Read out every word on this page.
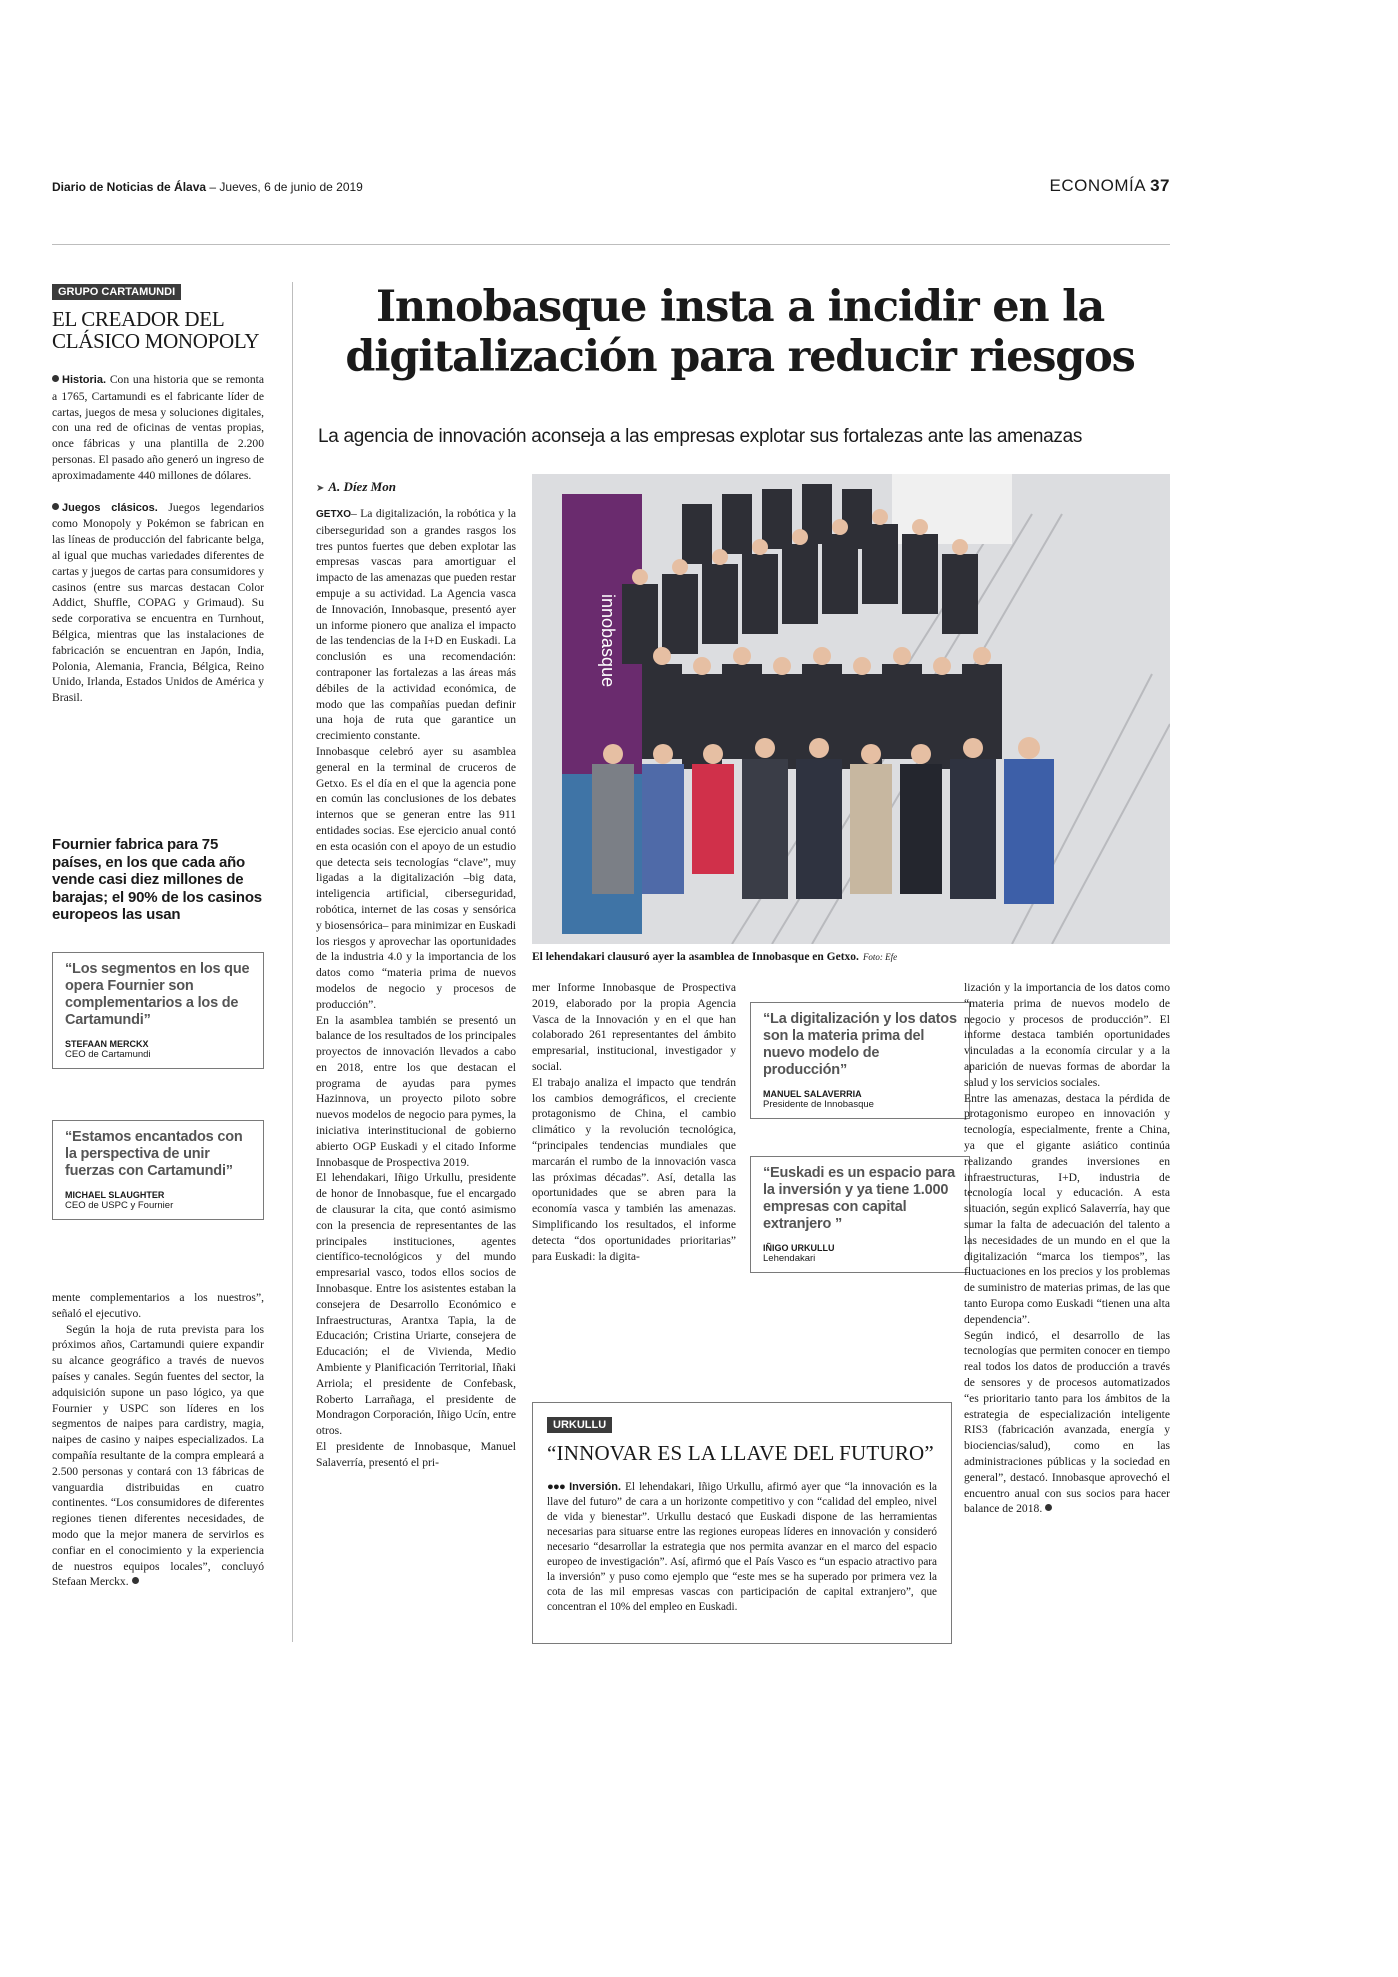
Diario de Noticias de Álava – Jueves, 6 de junio de 2019	ECONOMÍA 37
GRUPO CARTAMUNDI
EL CREADOR DEL CLÁSICO MONOPOLY

Historia. Con una historia que se remonta a 1765, Cartamundi es el fabricante líder de cartas, juegos de mesa y soluciones digitales, con una red de oficinas de ventas propias, once fábricas y una plantilla de 2.200 personas. El pasado año generó un ingreso de aproximadamente 440 millones de dólares.

Juegos clásicos. Juegos legendarios como Monopoly y Pokémon se fabrican en las líneas de producción del fabricante belga, al igual que muchas variedades diferentes de cartas y juegos de cartas para consumidores y casinos (entre sus marcas destacan Color Addict, Shuffle, COPAG y Grimaud). Su sede corporativa se encuentra en Turnhout, Bélgica, mientras que las instalaciones de fabricación se encuentran en Japón, India, Polonia, Alemania, Francia, Bélgica, Reino Unido, Irlanda, Estados Unidos de América y Brasil.

Fournier fabrica para 75 países, en los que cada año vende casi diez millones de barajas; el 90% de los casinos europeos las usan
“Los segmentos en los que opera Fournier son complementarios a los de Cartamundi”
STEFAAN MERCKX
CEO de Cartamundi
“Estamos encantados con la perspectiva de unir fuerzas con Cartamundi”
MICHAEL SLAUGHTER
CEO de USPC y Fournier

mente complementarios a los nuestros”, señaló el ejecutivo.

Según la hoja de ruta prevista para los próximos años, Cartamundi quiere expandir su alcance geográfico a través de nuevos países y canales. Según fuentes del sector, la adquisición supone un paso lógico, ya que Fournier y USPC son líderes en los segmentos de naipes para cardistry, magia, naipes de casino y naipes especializados. La compañía resultante de la compra empleará a 2.500 personas y contará con 13 fábricas de vanguardia distribuidas en cuatro continentes. “Los consumidores de diferentes regiones tienen diferentes necesidades, de modo que la mejor manera de servirlos es confiar en el conocimiento y la experiencia de nuestros equipos locales”, concluyó Stefaan Merckx.

Innobasque insta a incidir en la digitalización para reducir riesgos
La agencia de innovación aconseja a las empresas explotar sus fortalezas ante las amenazas
➤ A. Díez Mon

GETXO– La digitalización, la robótica y la ciberseguridad son a grandes rasgos los tres puntos fuertes que deben explotar las empresas vascas para amortiguar el impacto de las amenazas que pueden restar empuje a su actividad. La Agencia vasca de Innovación, Innobasque, presentó ayer un informe pionero que analiza el impacto de las tendencias de la I+D en Euskadi. La conclusión es una recomendación: contraponer las fortalezas a las áreas más débiles de la actividad económica, de modo que las compañías puedan definir una hoja de ruta que garantice un crecimiento constante.
Innobasque celebró ayer su asamblea general en la terminal de cruceros de Getxo. Es el día en el que la agencia pone en común las conclusiones de los debates internos que se generan entre las 911 entidades socias. Ese ejercicio anual contó en esta ocasión con el apoyo de un estudio que detecta seis tecnologías “clave”, muy ligadas a la digitalización –big data, inteligencia artificial, ciberseguridad, robótica, internet de las cosas y sensórica y biosensórica– para minimizar en Euskadi los riesgos y aprovechar las oportunidades de la industria 4.0 y la importancia de los datos como “materia prima de nuevos modelos de negocio y procesos de producción”.
En la asamblea también se presentó un balance de los resultados de los principales proyectos de innovación llevados a cabo en 2018, entre los que destacan el programa de ayudas para pymes Hazinnova, un proyecto piloto sobre nuevos modelos de negocio para pymes, la iniciativa interinstitucional de gobierno abierto OGP Euskadi y el citado Informe Innobasque de Prospectiva 2019.
El lehendakari, Iñigo Urkullu, presidente de honor de Innobasque, fue el encargado de clausurar la cita, que contó asimismo con la presencia de representantes de las principales instituciones, agentes científico-tecnológicos y del mundo empresarial vasco, todos ellos socios de Innobasque. Entre los asistentes estaban la consejera de Desarrollo Económico e Infraestructuras, Arantxa Tapia, la de Educación; Cristina Uriarte, consejera de Educación; el de Vivienda, Medio Ambiente y Planificación Territorial, Iñaki Arriola; el presidente de Confebask, Roberto Larrañaga, el presidente de Mondragon Corporación, Iñigo Ucín, entre otros.
El presidente de Innobasque, Manuel Salaverría, presentó el pri-

innobasque
El lehendakari clausuró ayer la asamblea de Innobasque en Getxo. Foto: Efe

mer Informe Innobasque de Prospectiva 2019, elaborado por la propia Agencia Vasca de la Innovación y en el que han colaborado 261 representantes del ámbito empresarial, institucional, investigador y social.
El trabajo analiza el impacto que tendrán los cambios demográficos, el creciente protagonismo de China, el cambio climático y la revolución tecnológica, “principales tendencias mundiales que marcarán el rumbo de la innovación vasca las próximas décadas”. Así, detalla las oportunidades que se abren para la economía vasca y también las amenazas. Simplificando los resultados, el informe detecta “dos oportunidades prioritarias” para Euskadi: la digita-

“La digitalización y los datos son la materia prima del nuevo modelo de producción”
MANUEL SALAVERRIA
Presidente de Innobasque
“Euskadi es un espacio para la inversión y ya tiene 1.000 empresas con capital extranjero ”
IÑIGO URKULLU
Lehendakari

lización y la importancia de los datos como “materia prima de nuevos modelo de negocio y procesos de producción”. El informe destaca también oportunidades vinculadas a la economía circular y a la aparición de nuevas formas de abordar la salud y los servicios sociales.
Entre las amenazas, destaca la pérdida de protagonismo europeo en innovación y tecnología, especialmente, frente a China, ya que el gigante asiático continúa realizando grandes inversiones en infraestructuras, I+D, industria de tecnología local y educación. A esta situación, según explicó Salaverría, hay que sumar la falta de adecuación del talento a las necesidades de un mundo en el que la digitalización “marca los tiempos”, las fluctuaciones en los precios y los problemas de suministro de materias primas, de las que tanto Europa como Euskadi “tienen una alta dependencia”.
Según indicó, el desarrollo de las tecnologías que permiten conocer en tiempo real todos los datos de producción a través de sensores y de procesos automatizados “es prioritario tanto para los ámbitos de la estrategia de especialización inteligente RIS3 (fabricación avanzada, energía y biociencias/salud), como en las administraciones públicas y la sociedad en general”, destacó. Innobasque aprovechó el encuentro anual con sus socios para hacer balance de 2018.

URKULLU
“INNOVAR ES LA LLAVE DEL FUTURO”

●●● Inversión. El lehendakari, Iñigo Urkullu, afirmó ayer que “la innovación es la llave del futuro” de cara a un horizonte competitivo y con “calidad del empleo, nivel de vida y bienestar”. Urkullu destacó que Euskadi dispone de las herramientas necesarias para situarse entre las regiones europeas líderes en innovación y consideró necesario “desarrollar la estrategia que nos permita avanzar en el marco del espacio europeo de investigación”. Así, afirmó que el País Vasco es “un espacio atractivo para la inversión” y puso como ejemplo que “este mes se ha superado por primera vez la cota de las mil empresas vascas con participación de capital extranjero”, que concentran el 10% del empleo en Euskadi.
